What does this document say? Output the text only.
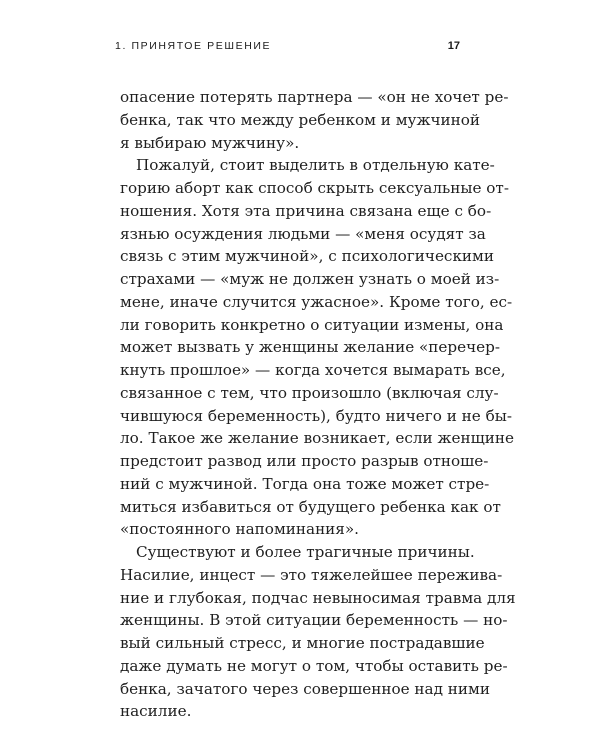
1. ПРИНЯТОЕ РЕШЕНИЕ	17
опасение потерять партнера — «он не хочет ре-
бенка, так что между ребенком и мужчиной
я выбираю мужчину».
Пожалуй, стоит выделить в отдельную кате-
горию аборт как способ скрыть сексуальные от-
ношения. Хотя эта причина связана еще с бо-
язнью осуждения людьми — «меня осудят за
связь с этим мужчиной», с психологическими
страхами — «муж не должен узнать о моей из-
мене, иначе случится ужасное». Кроме того, ес-
ли говорить конкретно о ситуации измены, она
может вызвать у женщины желание «перечер-
кнуть прошлое» — когда хочется вымарать все,
связанное с тем, что произошло (включая слу-
чившуюся беременность), будто ничего и не бы-
ло. Такое же желание возникает, если женщине
предстоит развод или просто разрыв отноше-
ний с мужчиной. Тогда она тоже может стре-
миться избавиться от будущего ребенка как от
«постоянного напоминания».
Существуют и более трагичные причины.
Насилие, инцест — это тяжелейшее пережива-
ние и глубокая, подчас невыносимая травма для
женщины. В этой ситуации беременность — но-
вый сильный стресс, и многие пострадавшие
даже думать не могут о том, чтобы оставить ре-
бенка, зачатого через совершенное над ними
насилие.
